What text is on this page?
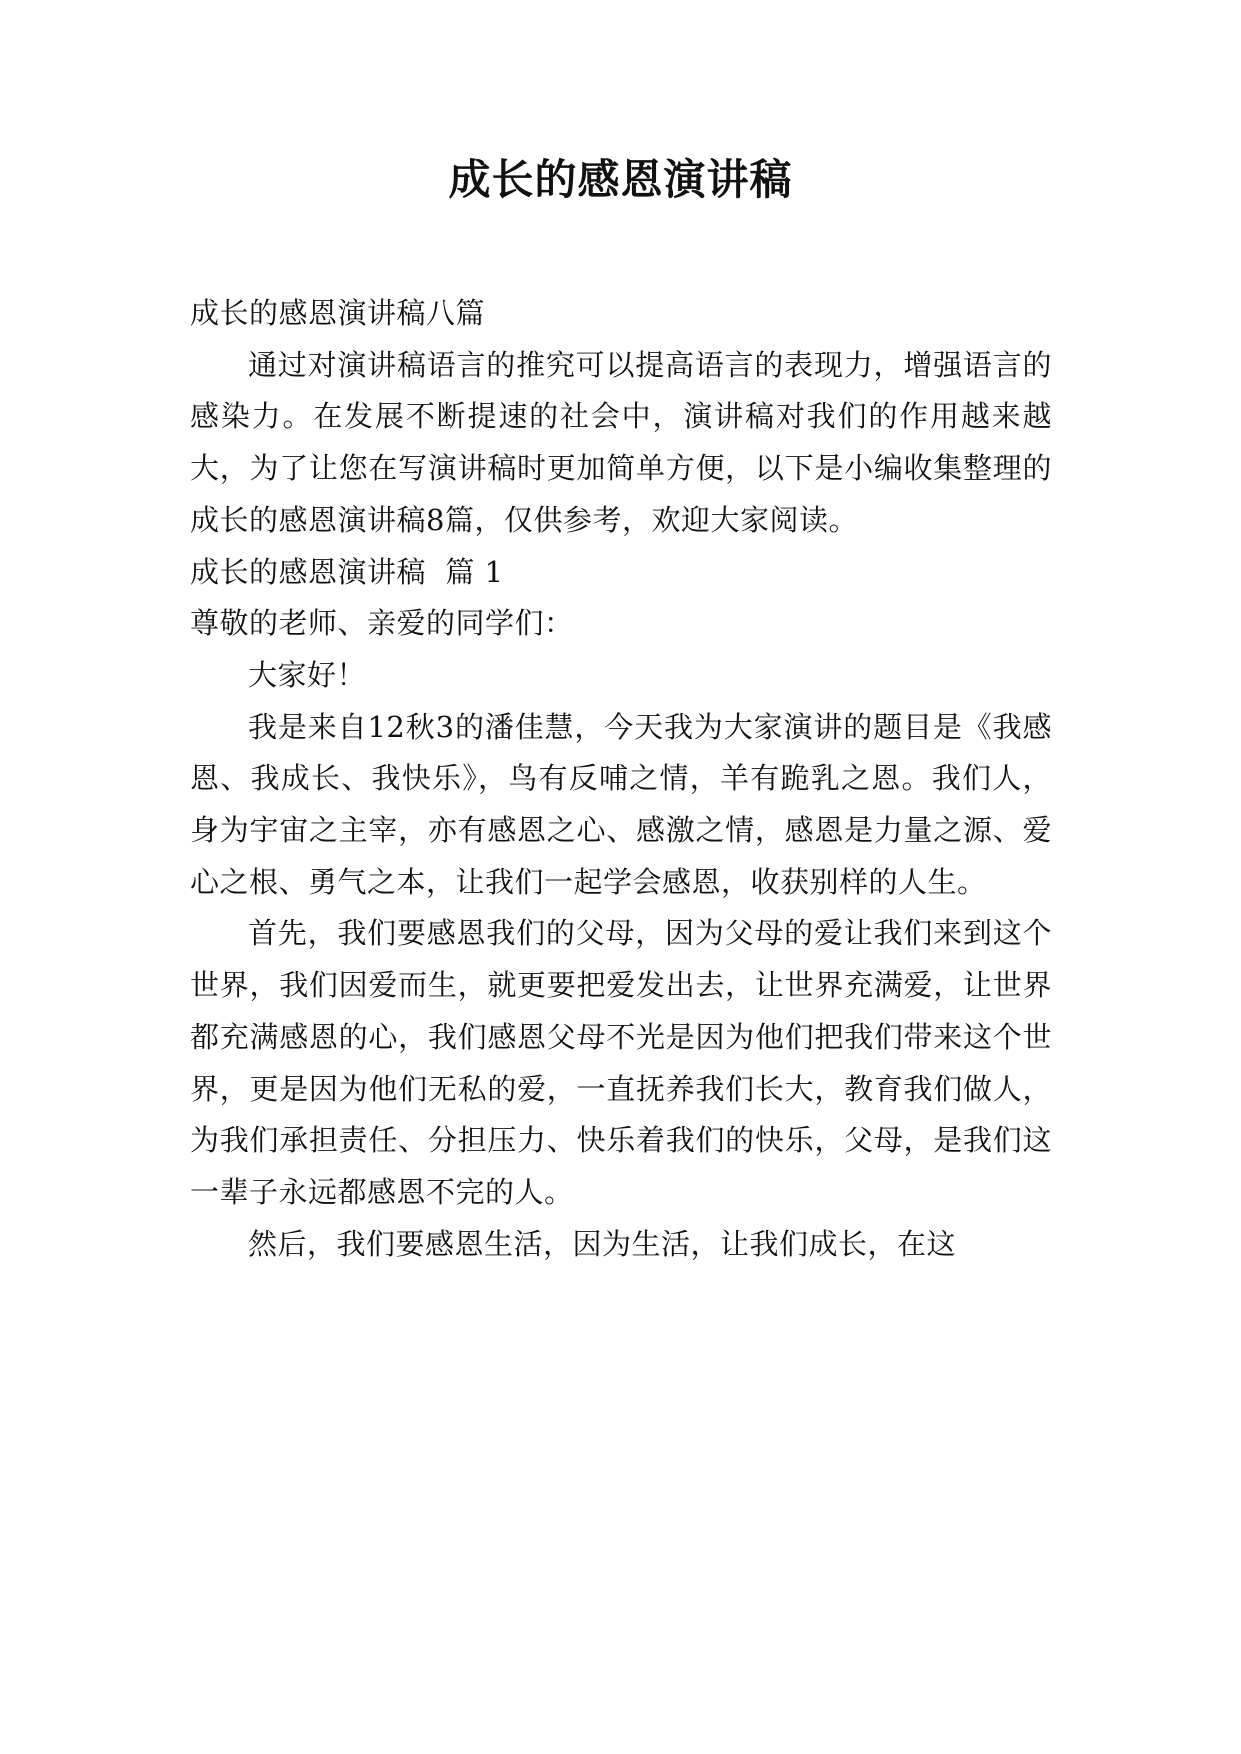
成长的感恩演讲稿

成长的感恩演讲稿八篇

通过对演讲稿语言的推究可以提高语言的表现力，增强语言的感染力。在发展不断提速的社会中，演讲稿对我们的作用越来越大，为了让您在写演讲稿时更加简单方便，以下是小编收集整理的成长的感恩演讲稿8篇，仅供参考，欢迎大家阅读。

成长的感恩演讲稿  篇 1

尊敬的老师、亲爱的同学们：

大家好！

我是来自12秋3的潘佳慧，今天我为大家演讲的题目是《我感恩、我成长、我快乐》，鸟有反哺之情，羊有跪乳之恩。我们人，身为宇宙之主宰，亦有感恩之心、感激之情，感恩是力量之源、爱心之根、勇气之本，让我们一起学会感恩，收获别样的人生。

首先，我们要感恩我们的父母，因为父母的爱让我们来到这个世界，我们因爱而生，就更要把爱发出去，让世界充满爱，让世界都充满感恩的心，我们感恩父母不光是因为他们把我们带来这个世界，更是因为他们无私的爱，一直抚养我们长大，教育我们做人，为我们承担责任、分担压力、快乐着我们的快乐，父母，是我们这一辈子永远都感恩不完的人。

然后，我们要感恩生活，因为生活，让我们成长，在这
